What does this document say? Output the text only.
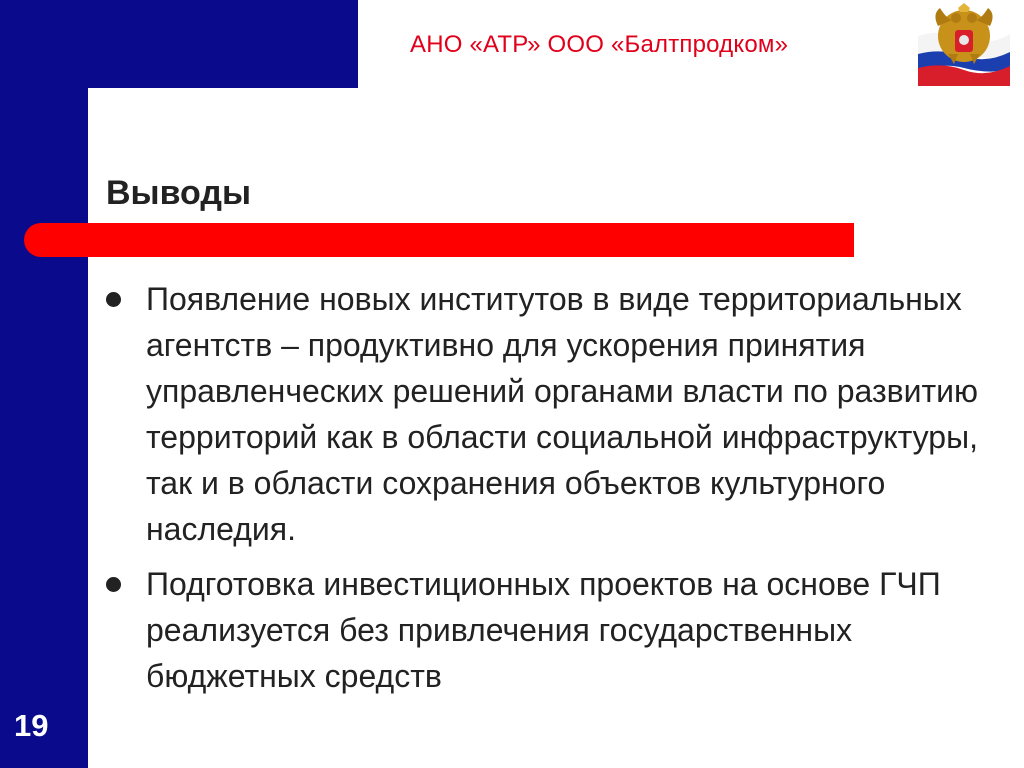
АНО «АТР» ООО «Балтпродком»
Выводы
Появление новых институтов в виде территориальных агентств – продуктивно для ускорения принятия управленческих решений органами власти по развитию территорий как в области социальной инфраструктуры, так и в области сохранения объектов культурного наследия.
Подготовка инвестиционных проектов на основе ГЧП реализуется без привлечения государственных бюджетных средств
19
